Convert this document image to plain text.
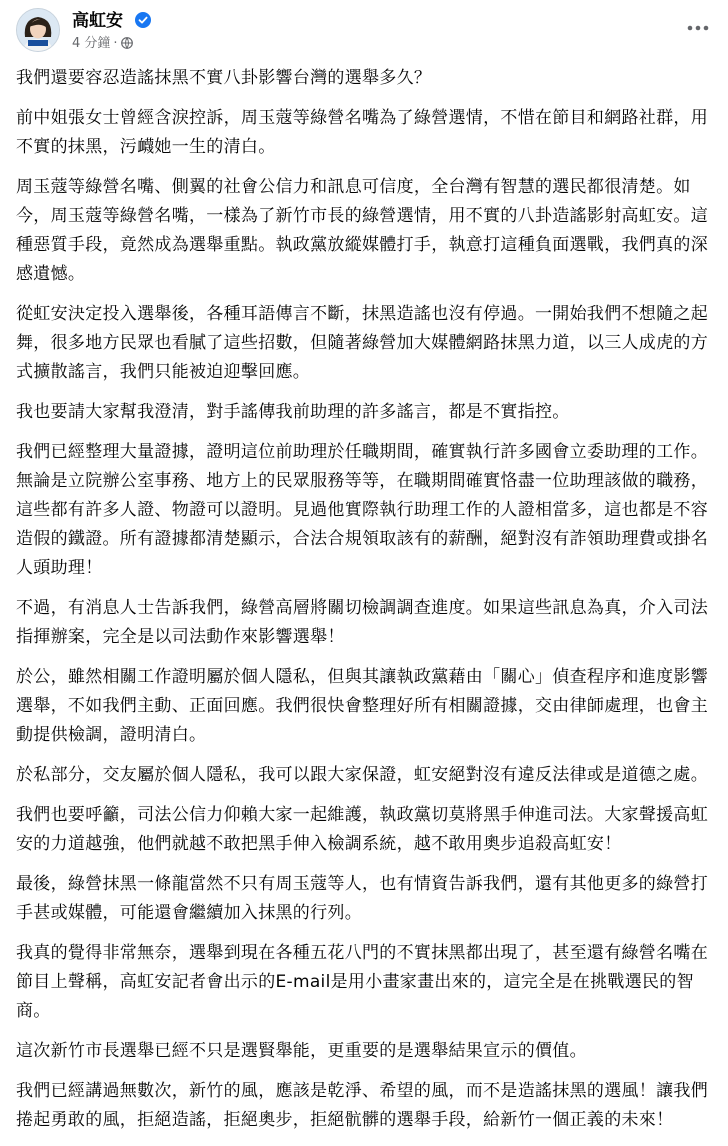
高虹安
4 分鐘 ·

我們還要容忍造謠抹黑不實八卦影響台灣的選舉多久？

前中姐張女士曾經含淚控訴，周玉蔻等綠營名嘴為了綠營選情，不惜在節目和網路社群，用不實的抹黑，污衊她一生的清白。

周玉蔻等綠營名嘴、側翼的社會公信力和訊息可信度，全台灣有智慧的選民都很清楚。如今，周玉蔻等綠營名嘴，一樣為了新竹市長的綠營選情，用不實的八卦造謠影射高虹安。這種惡質手段，竟然成為選舉重點。執政黨放縱媒體打手，執意打這種負面選戰，我們真的深感遺憾。

從虹安決定投入選舉後，各種耳語傳言不斷，抹黑造謠也沒有停過。一開始我們不想隨之起舞，很多地方民眾也看膩了這些招數，但隨著綠營加大媒體網路抹黑力道，以三人成虎的方式擴散謠言，我們只能被迫迎擊回應。

我也要請大家幫我澄清，對手謠傳我前助理的許多謠言，都是不實指控。

我們已經整理大量證據，證明這位前助理於任職期間，確實執行許多國會立委助理的工作。無論是立院辦公室事務、地方上的民眾服務等等，在職期間確實恪盡一位助理該做的職務，這些都有許多人證、物證可以證明。見過他實際執行助理工作的人證相當多，這也都是不容造假的鐵證。所有證據都清楚顯示，合法合規領取該有的薪酬，絕對沒有詐領助理費或掛名人頭助理！

不過，有消息人士告訴我們，綠營高層將關切檢調調查進度。如果這些訊息為真，介入司法指揮辦案，完全是以司法動作來影響選舉！

於公，雖然相關工作證明屬於個人隱私，但與其讓執政黨藉由「關心」偵查程序和進度影響選舉，不如我們主動、正面回應。我們很快會整理好所有相關證據，交由律師處理，也會主動提供檢調，證明清白。

於私部分，交友屬於個人隱私，我可以跟大家保證，虹安絕對沒有違反法律或是道德之處。

我們也要呼籲，司法公信力仰賴大家一起維護，執政黨切莫將黑手伸進司法。大家聲援高虹安的力道越強，他們就越不敢把黑手伸入檢調系統，越不敢用奧步追殺高虹安！

最後，綠營抹黑一條龍當然不只有周玉蔻等人，也有情資告訴我們，還有其他更多的綠營打手甚或媒體，可能還會繼續加入抹黑的行列。

我真的覺得非常無奈，選舉到現在各種五花八門的不實抹黑都出現了，甚至還有綠營名嘴在節目上聲稱，高虹安記者會出示的E-mail是用小畫家畫出來的，這完全是在挑戰選民的智商。

這次新竹市長選舉已經不只是選賢舉能，更重要的是選舉結果宣示的價值。

我們已經講過無數次，新竹的風，應該是乾淨、希望的風，而不是造謠抹黑的選風！讓我們捲起勇敢的風，拒絕造謠，拒絕奧步，拒絕骯髒的選舉手段，給新竹一個正義的未來！
